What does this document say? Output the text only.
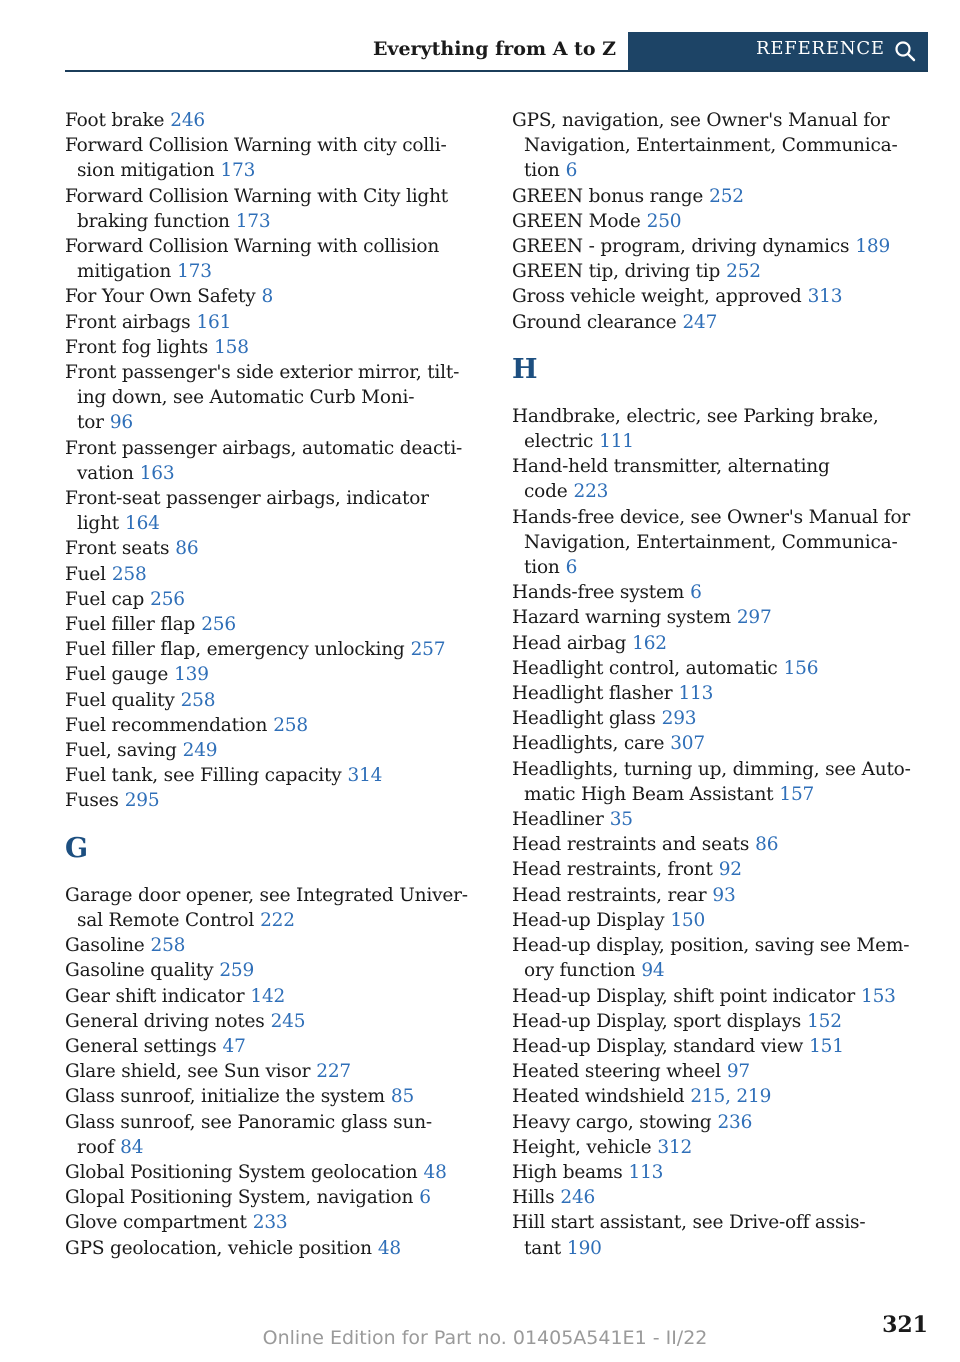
Everything from A to Z	REFERENCE
Foot brake 246
Forward Collision Warning with city colli-
sion mitigation 173
Forward Collision Warning with City light
braking function 173
Forward Collision Warning with collision
mitigation 173
For Your Own Safety 8
Front airbags 161
Front fog lights 158
Front passenger's side exterior mirror, tilt-
ing down, see Automatic Curb Moni-
tor 96
Front passenger airbags, automatic deacti-
vation 163
Front-seat passenger airbags, indicator
light 164
Front seats 86
Fuel 258
Fuel cap 256
Fuel filler flap 256
Fuel filler flap, emergency unlocking 257
Fuel gauge 139
Fuel quality 258
Fuel recommendation 258
Fuel, saving 249
Fuel tank, see Filling capacity 314
Fuses 295
G
Garage door opener, see Integrated Univer-
sal Remote Control 222
Gasoline 258
Gasoline quality 259
Gear shift indicator 142
General driving notes 245
General settings 47
Glare shield, see Sun visor 227
Glass sunroof, initialize the system 85
Glass sunroof, see Panoramic glass sun-
roof 84
Global Positioning System geolocation 48
Glopal Positioning System, navigation 6
Glove compartment 233
GPS geolocation, vehicle position 48
GPS, navigation, see Owner's Manual for
Navigation, Entertainment, Communica-
tion 6
GREEN bonus range 252
GREEN Mode 250
GREEN - program, driving dynamics 189
GREEN tip, driving tip 252
Gross vehicle weight, approved 313
Ground clearance 247
H
Handbrake, electric, see Parking brake,
electric 111
Hand-held transmitter, alternating
code 223
Hands-free device, see Owner's Manual for
Navigation, Entertainment, Communica-
tion 6
Hands-free system 6
Hazard warning system 297
Head airbag 162
Headlight control, automatic 156
Headlight flasher 113
Headlight glass 293
Headlights, care 307
Headlights, turning up, dimming, see Auto-
matic High Beam Assistant 157
Headliner 35
Head restraints and seats 86
Head restraints, front 92
Head restraints, rear 93
Head-up Display 150
Head-up display, position, saving see Mem-
ory function 94
Head-up Display, shift point indicator 153
Head-up Display, sport displays 152
Head-up Display, standard view 151
Heated steering wheel 97
Heated windshield 215, 219
Heavy cargo, stowing 236
Height, vehicle 312
High beams 113
Hills 246
Hill start assistant, see Drive-off assis-
tant 190
321
Online Edition for Part no. 01405A541E1 - II/22
